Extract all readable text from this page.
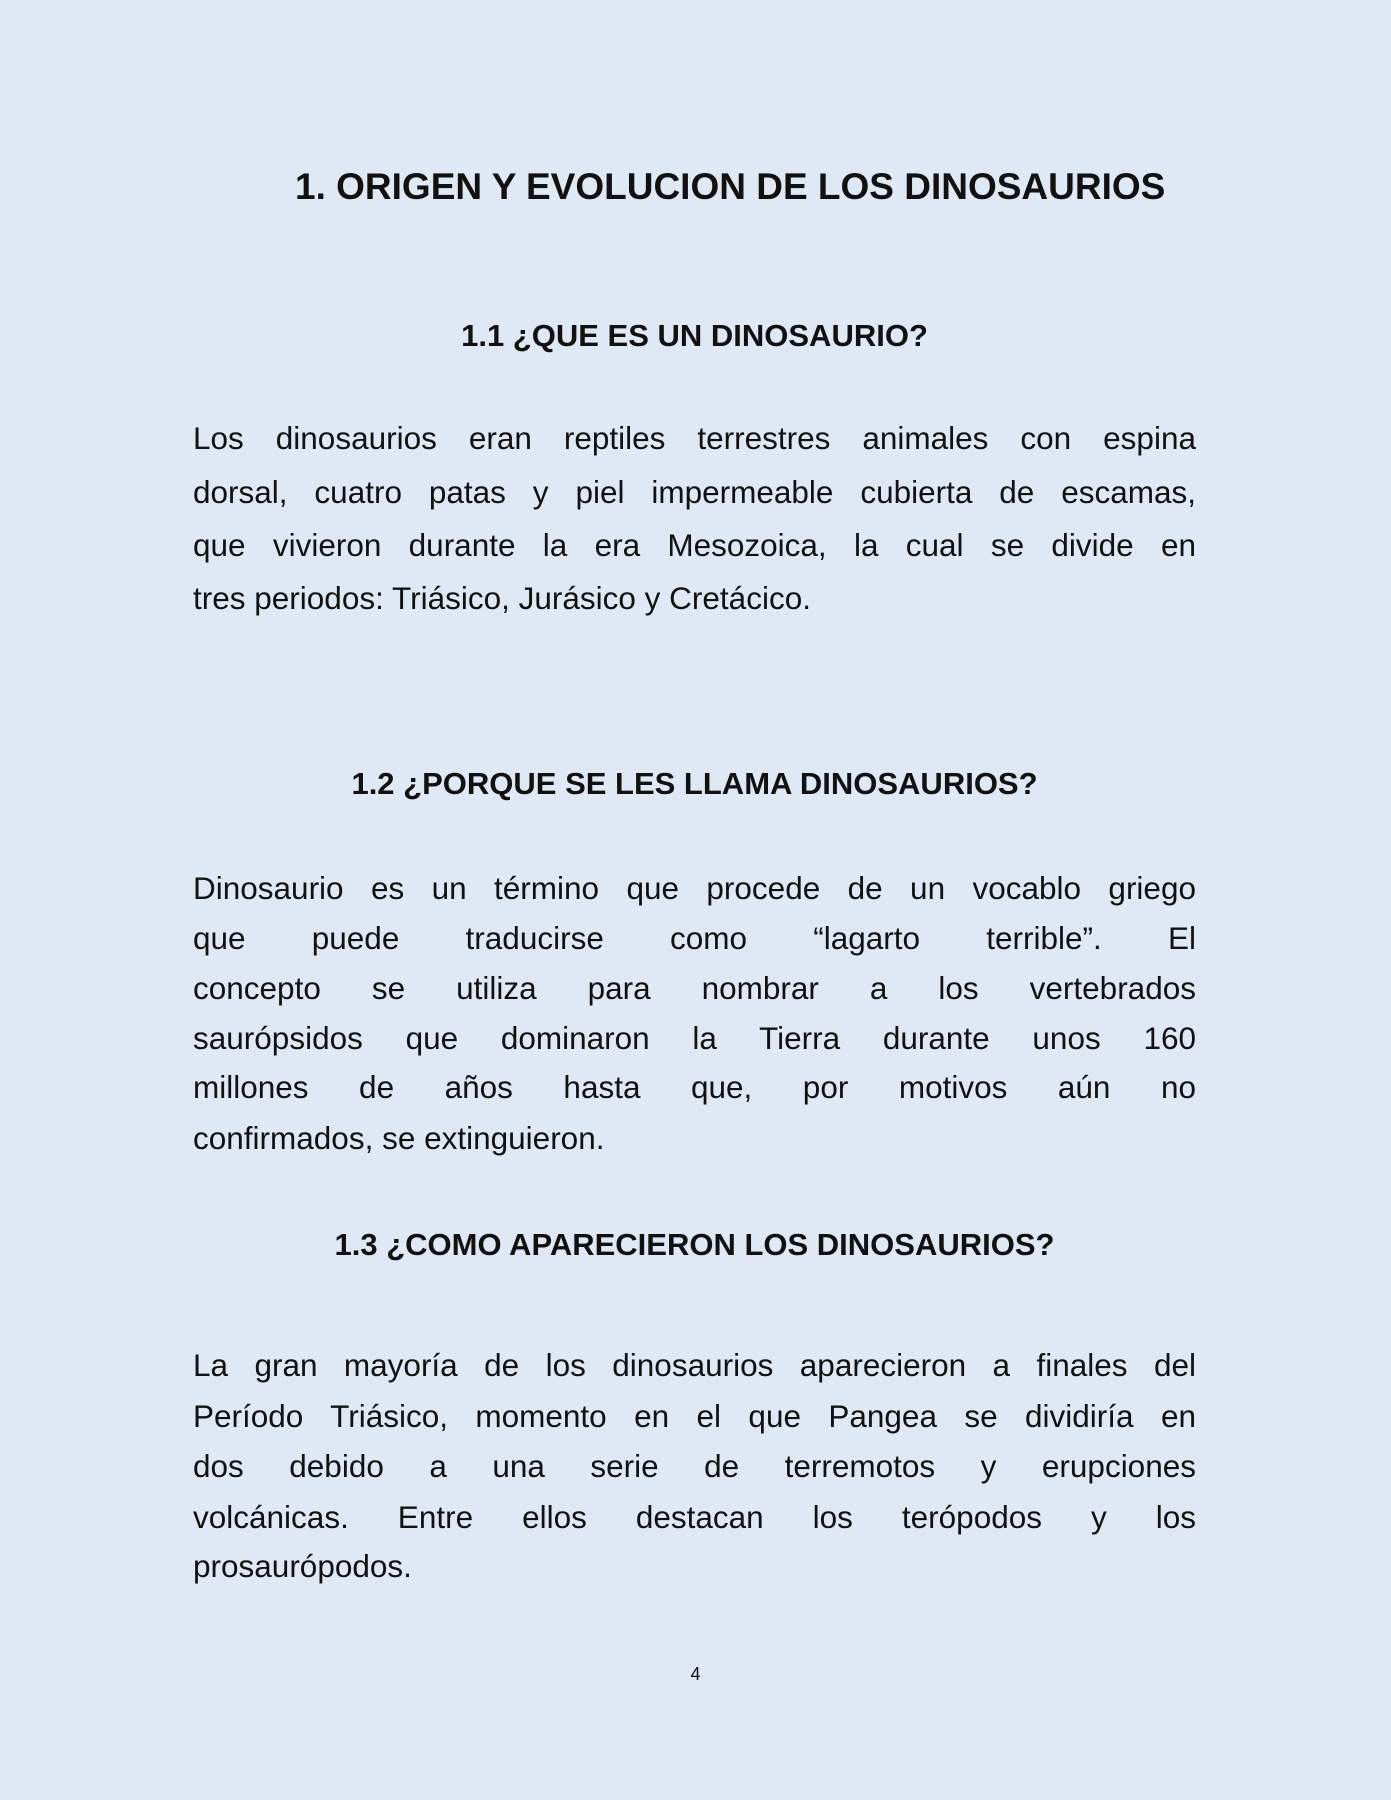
1. ORIGEN Y EVOLUCION DE LOS DINOSAURIOS
1.1 ¿QUE ES UN DINOSAURIO?
Los dinosaurios eran reptiles terrestres animales con espina
dorsal, cuatro patas y piel impermeable cubierta de escamas,
que vivieron durante la era Mesozoica, la cual se divide en
tres periodos: Triásico, Jurásico y Cretácico.
1.2 ¿PORQUE SE LES LLAMA DINOSAURIOS?
Dinosaurio es un término que procede de un vocablo griego
que puede traducirse como “lagarto terrible”. El
concepto se utiliza para nombrar a los vertebrados
saurópsidos que dominaron la Tierra durante unos 160
millones de años hasta que, por motivos aún no
confirmados, se extinguieron.
1.3 ¿COMO APARECIERON LOS DINOSAURIOS?
La gran mayoría de los dinosaurios aparecieron a finales del
Período Triásico, momento en el que Pangea se dividiría en
dos debido a una serie de terremotos y erupciones
volcánicas. Entre ellos destacan los terópodos y los
prosaurópodos.
4
